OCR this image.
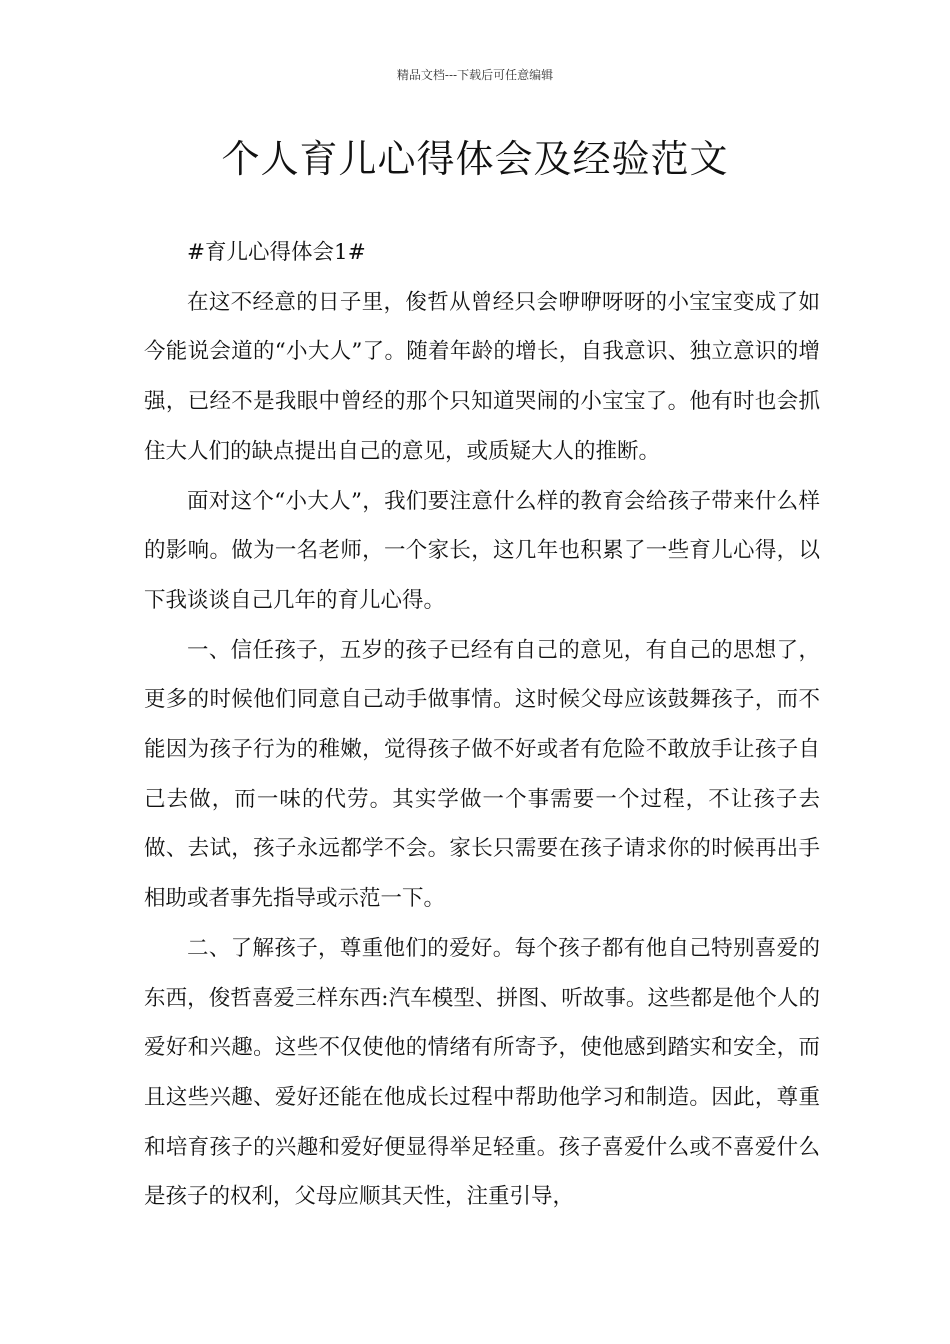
精品文档---下载后可任意编辑
个人育儿心得体会及经验范文

#育儿心得体会1#

在这不经意的日子里，俊哲从曾经只会咿咿呀呀的小宝宝变成了如今能说会道的“小大人”了。随着年龄的增长，自我意识、独立意识的增强，已经不是我眼中曾经的那个只知道哭闹的小宝宝了。他有时也会抓住大人们的缺点提出自己的意见，或质疑大人的推断。

面对这个“小大人”，我们要注意什么样的教育会给孩子带来什么样的影响。做为一名老师，一个家长，这几年也积累了一些育儿心得，以下我谈谈自己几年的育儿心得。

一、信任孩子，五岁的孩子已经有自己的意见，有自己的思想了，更多的时候他们同意自己动手做事情。这时候父母应该鼓舞孩子，而不能因为孩子行为的稚嫩，觉得孩子做不好或者有危险不敢放手让孩子自己去做，而一味的代劳。其实学做一个事需要一个过程，不让孩子去做、去试，孩子永远都学不会。家长只需要在孩子请求你的时候再出手相助或者事先指导或示范一下。

二、了解孩子，尊重他们的爱好。每个孩子都有他自己特别喜爱的东西，俊哲喜爱三样东西:汽车模型、拼图、听故事。这些都是他个人的爱好和兴趣。这些不仅使他的情绪有所寄予，使他感到踏实和安全，而且这些兴趣、爱好还能在他成长过程中帮助他学习和制造。因此，尊重和培育孩子的兴趣和爱好便显得举足轻重。孩子喜爱什么或不喜爱什么是孩子的权利，父母应顺其天性，注重引导，
